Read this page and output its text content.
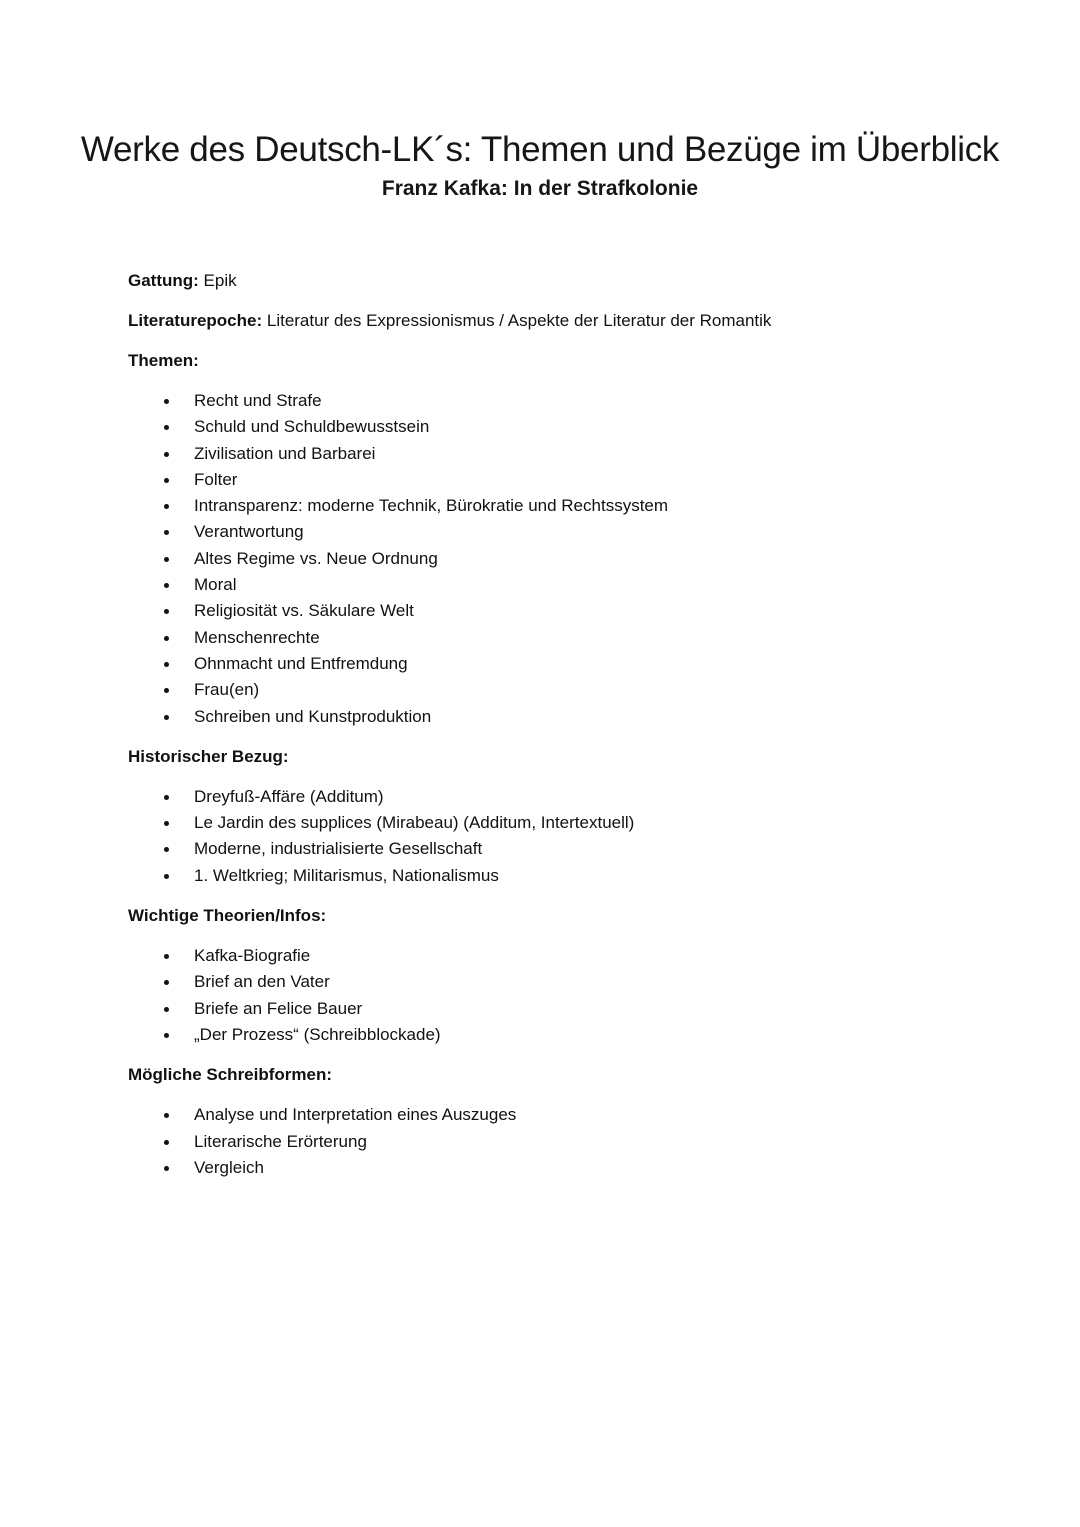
Werke des Deutsch-LK´s: Themen und Bezüge im Überblick
Franz Kafka: In der Strafkolonie

Gattung: Epik

Literaturepoche: Literatur des Expressionismus / Aspekte der Literatur der Romantik

Themen:

Recht und Strafe
Schuld und Schuldbewusstsein
Zivilisation und Barbarei
Folter
Intransparenz: moderne Technik, Bürokratie und Rechtssystem
Verantwortung
Altes Regime vs. Neue Ordnung
Moral
Religiosität vs. Säkulare Welt
Menschenrechte
Ohnmacht und Entfremdung
Frau(en)
Schreiben und Kunstproduktion

Historischer Bezug:

Dreyfuß-Affäre (Additum)
Le Jardin des supplices (Mirabeau) (Additum, Intertextuell)
Moderne, industrialisierte Gesellschaft
1. Weltkrieg; Militarismus, Nationalismus

Wichtige Theorien/Infos:

Kafka-Biografie
Brief an den Vater
Briefe an Felice Bauer
„Der Prozess“ (Schreibblockade)

Mögliche Schreibformen:

Analyse und Interpretation eines Auszuges
Literarische Erörterung
Vergleich
